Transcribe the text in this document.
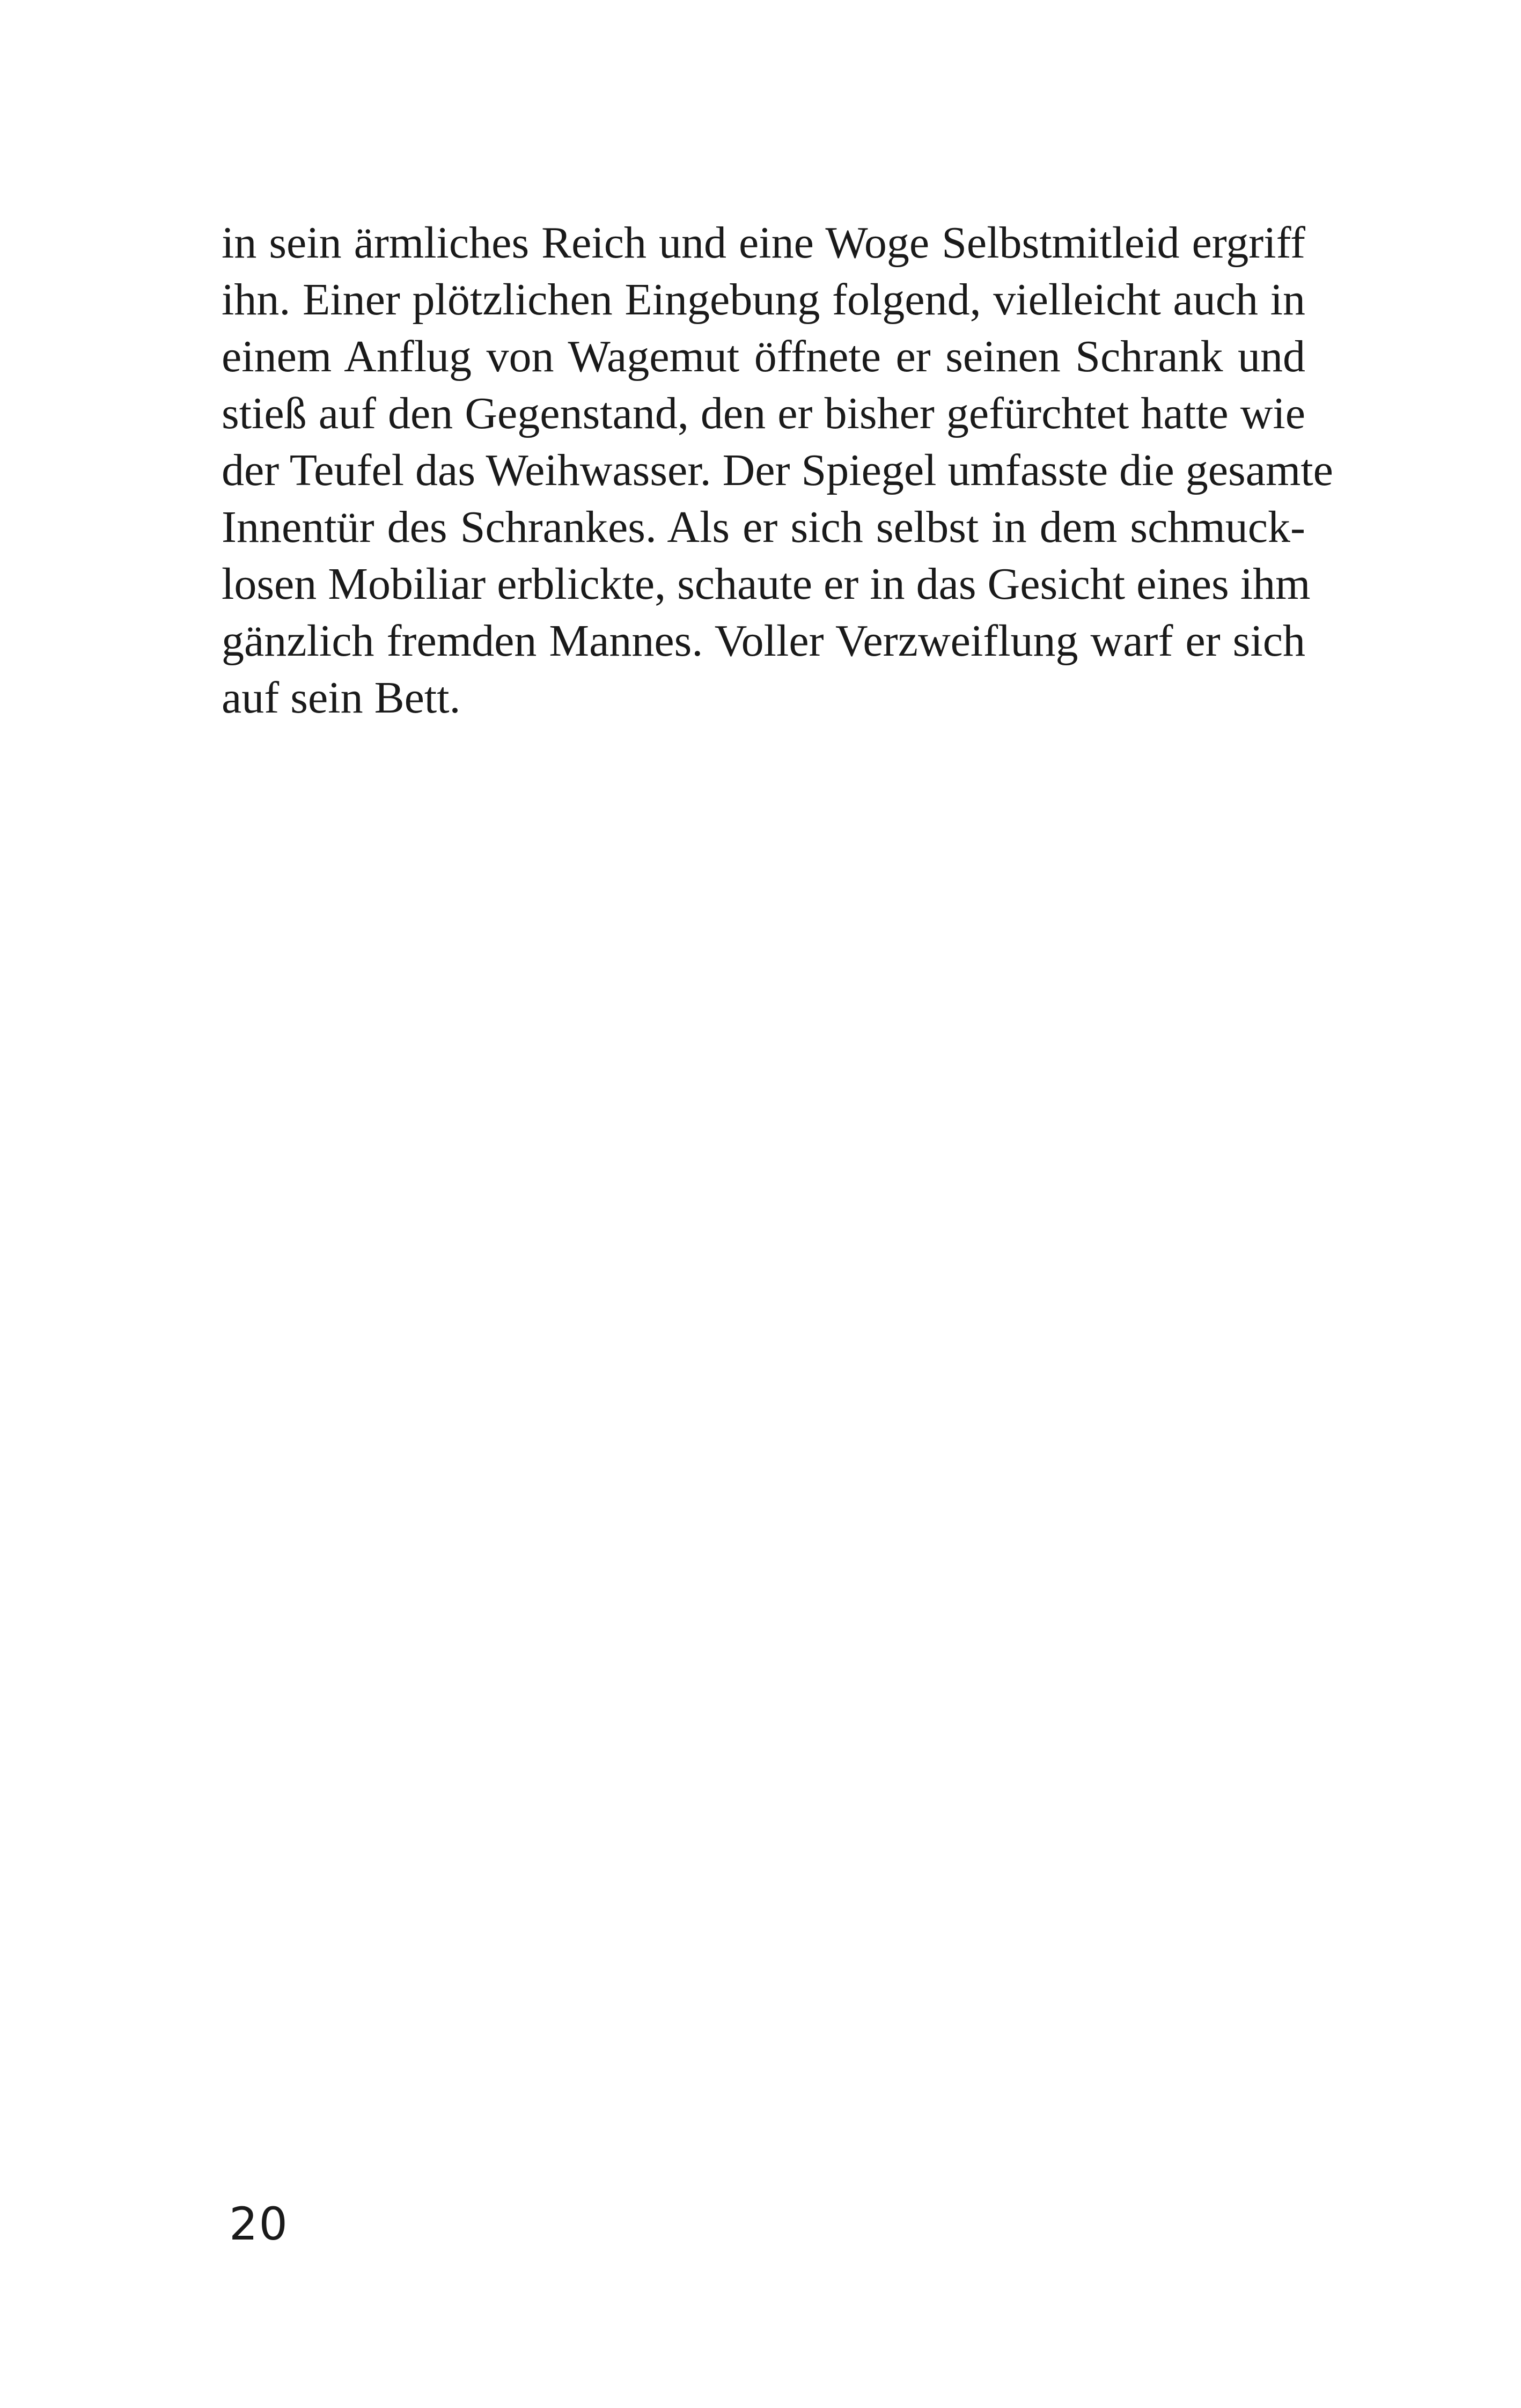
in sein ärmliches Reich und eine Woge Selbstmitleid ergriff
ihn. Einer plötzlichen Eingebung folgend, vielleicht auch in
einem Anflug von Wagemut öffnete er seinen Schrank und
stieß auf den Gegenstand, den er bisher gefürchtet hatte wie
der Teufel das Weihwasser. Der Spiegel umfasste die gesamte
Innentür des Schrankes. Als er sich selbst in dem schmuck-
losen Mobiliar erblickte, schaute er in das Gesicht eines ihm
gänzlich fremden Mannes. Voller Verzweiflung warf er sich
auf sein Bett.
20
